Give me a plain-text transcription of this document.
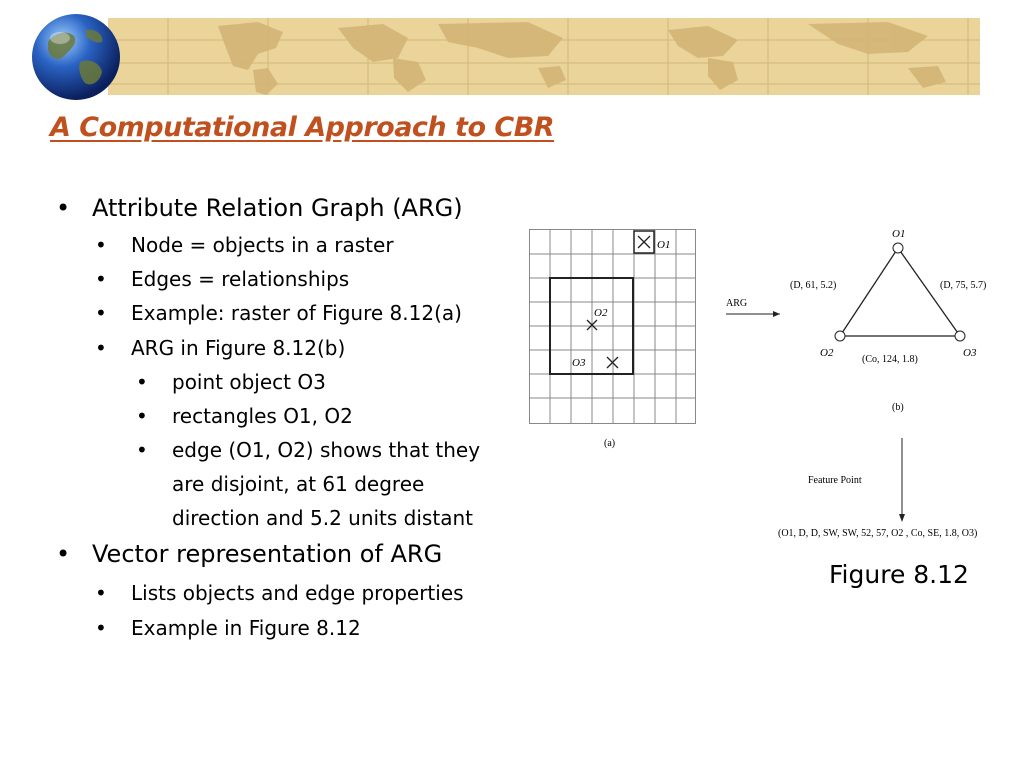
A Computational Approach to CBR
• Attribute Relation Graph (ARG)
• Node = objects in a raster
• Edges = relationships
• Example: raster of Figure 8.12(a)
• ARG in Figure 8.12(b)
• point object O3
• rectangles O1, O2
• edge (O1, O2) shows that they
are disjoint, at 61 degree
direction and 5.2 units distant
• Vector representation of ARG
• Lists objects and edge properties
• Example in Figure 8.12
O1
O2
O3
(a)
ARG
O1
O2	O3
(D, 61, 5.2)	(D, 75, 5.7)
(Co, 124, 1.8)
(b)
Feature Point
(O1, D, D, SW, SW, 52, 57, O2 , Co, SE, 1.8, O3)
Figure 8.12
